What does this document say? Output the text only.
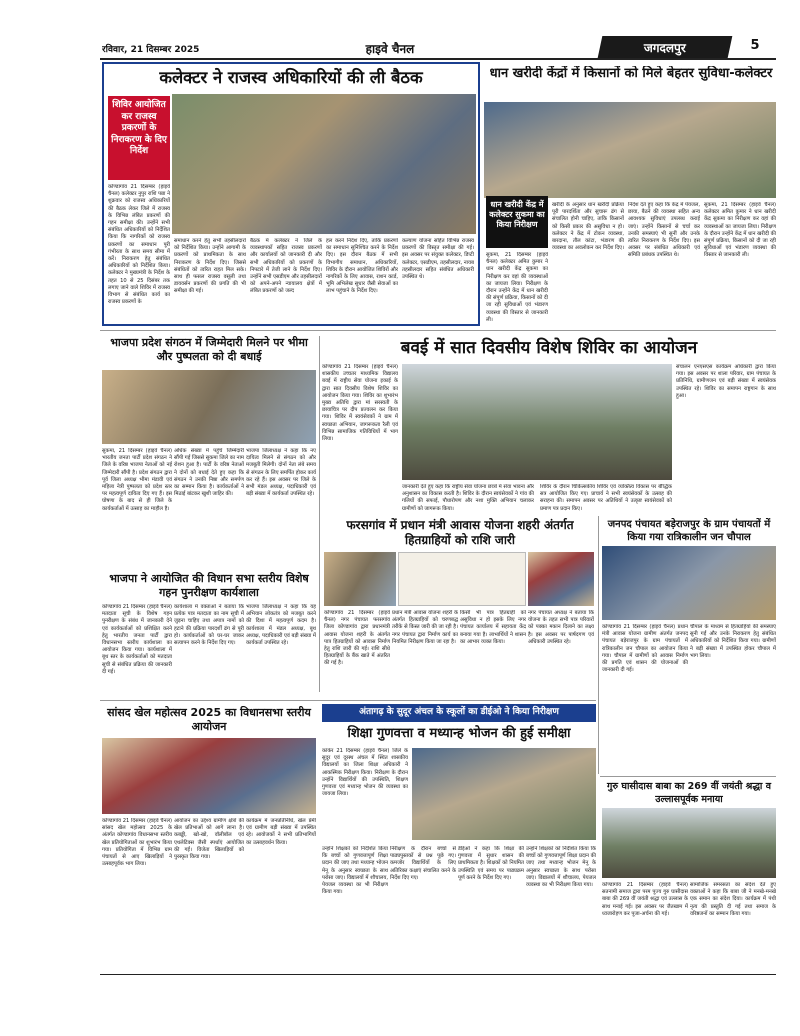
रविवार, 21 दिसम्बर 2025	हाइवे चैनल	जगदलपुर	5
कलेक्टर ने राजस्व अधिकारियों की ली बैठक
शिविर आयोजित कर राजस्व प्रकरणों के निराकरण के दिए निर्देश
कोण्डागांव 21 दिसम्बर (हाइवे चैनल) कलेक्टर नुपुर राशि पन्ना ने शुक्रवार को राजस्व अधिकारियों की बैठक लेकर जिले में राजस्व के विभिन्न लंबित प्रकरणों की गहन समीक्षा की। उन्होंने सभी संबंधित अधिकारियों को निर्देशित किया कि नागरिकों को राजस्व प्रकरणों का समाधान पूरी गंभीरता के साथ समय सीमा में करें। निराकरण हेतु संबंधित अधिकारियों को निर्देशित किया। कलेक्टर ने मुख्यमंत्री के निर्देश के तहत 10 से 25 दिसंबर तक लगाए जाने वाले शिविर में राजस्व विभाग से संबंधित कार्य का राजस्व प्रकरणों के
समाधान करने हेतु सभी तहसीलदारों को निर्देशित किया। उन्होंने आगामी के प्रकरणों को प्राथमिकता के साथ निराकरण के निर्देश दिए। जिससे संबंधितों को त्वरित राहत मिल सके। साथ ही फसल राजस्व वसूली तथा डायवर्सन प्रकरणों की प्रगति की भी समीक्षा की गई।
बैठक में कलेक्टर ने जिले के व्यवस्थापकों सहित राजस्व प्रकरणों और कार्यालयों को जानकारी दी और सभी अधिकारियों को प्रकरणों के निपटारे में तेजी लाने के निर्देश दिए। उन्होंने सभी एसडीएम और तहसीलदारों को अपने-अपने न्यायालय क्षेत्रों में लंबित प्रकरणों को जल्द
हल करने निर्देश दिए, ताकि प्रकरणों का समाधान सुनिश्चित करने के निर्देश दिए। इस दौरान बैठक में सभी विभागीय समाधान, अधिकारियों, शिविर के दौरान आयोजित शिविरों और नागरिकों के लिए आवास, राशन कार्ड, भूमि अभिलेख सुधार जैसी सेवाओं का लाभ पहुंचाने के निर्देश दिए।
कल्याण योजना सहित विभिन्न राजस्व प्रकरणों की विस्तृत समीक्षा की गई। इस अवसर पर संयुक्त कलेक्टर, डिप्टी कलेक्टर, एसडीएम, तहसीलदार, नायब तहसीलदार सहित संबंधित अधिकारी उपस्थित थे।
धान खरीदी केंद्रों में किसानों को मिले बेहतर सुविधा-कलेक्टर
धान खरीदी केंद्र में कलेक्टर सुकमा का किया निरीक्षण
सुकमा, 21 दिसम्बर (हाइवे चैनल) कलेक्टर अमित कुमार ने धान खरीदी केंद्र सुकमा का निरीक्षण कर वहां की व्यवस्थाओं का जायजा लिया। निरीक्षण के दौरान उन्होंने केंद्र में धान खरीदी की संपूर्ण प्रक्रिया, किसानों को दी जा रही सुविधाओं एवं भंडारण व्यवस्था की विस्तार से जानकारी ली।
खरीदी के अनुसार धान खरीदी प्रक्रिया पूरी पारदर्शिता और सुचारू ढंग से संचालित होनी चाहिए, ताकि किसानों को किसी प्रकार की असुविधा न हो। कलेक्टर ने केंद्र में टोकन व्यवस्था, बारदाना, तौल कांटा, भंडारण की व्यवस्था का अवलोकन कर निर्देश दिए।
निर्देश देते हुए कहा कि केंद्र में पेयजल, छाया, बैठने की व्यवस्था सहित अन्य आवश्यक सुविधाएं उपलब्ध कराई जाएं। उन्होंने किसानों से चर्चा कर उनकी समस्याएं भी सुनीं और उनके त्वरित निराकरण के निर्देश दिए। इस अवसर पर संबंधित अधिकारी एवं समिति प्रबंधक उपस्थित थे।
सुकमा, 21 दिसम्बर (हाइवे चैनल) कलेक्टर अमित कुमार ने धान खरीदी केंद्र सुकमा का निरीक्षण कर वहां की व्यवस्थाओं का जायजा लिया। निरीक्षण के दौरान उन्होंने केंद्र में धान खरीदी की संपूर्ण प्रक्रिया, किसानों को दी जा रही सुविधाओं एवं भंडारण व्यवस्था की विस्तार से जानकारी ली।
भाजपा प्रदेश संगठन में जिम्मेदारी मिलने पर भीमा और पुष्पलता को दी बधाई
सुकमा, 21 दिसम्बर (हाइवे चैनल) भारतीय जनता पार्टी प्रदेश संगठन ने जिले के वरिष्ठ भाजपा नेताओं को नई जिम्मेदारी सौंपी है। प्रदेश संगठन द्वारा पूर्व जिला अध्यक्ष भीमा मंडावी एवं महिला नेत्री पुष्पलता को प्रदेश स्तर पर महत्वपूर्ण दायित्व दिए गए हैं। इस घोषणा के बाद से ही जिले के कार्यकर्ताओं में उत्साह का माहौल है।
अधिक संख्या में पहुंचे जिम्मेदारी सौंपी गई जिससे सुकमा जिले का नाम रोशन हुआ है। पार्टी के वरिष्ठ नेताओं ने दोनों को बधाई देते हुए कहा कि संगठन ने उनकी निष्ठा और समर्पण का सम्मान किया है। कार्यकर्ताओं ने मिठाई बांटकर खुशी जाहिर की।
भाजपा जिलाध्यक्ष ने कहा कि नए दायित्व मिलने से संगठन को और मजबूती मिलेगी। दोनों नेता लंबे समय से संगठन के लिए समर्पित होकर कार्य कर रहे हैं। इस अवसर पर जिले के सभी मंडल अध्यक्ष, पदाधिकारी एवं बड़ी संख्या में कार्यकर्ता उपस्थित रहे।
बवई में सात दिवसीय विशेष शिविर का आयोजन
कोण्डागांव 21 दिसम्बर (हाइवे चैनल) शासकीय उच्चतर माध्यमिक विद्यालय बवई में राष्ट्रीय सेवा योजना इकाई के द्वारा सात दिवसीय विशेष शिविर का आयोजन किया गया। शिविर का शुभारंभ मुख्य अतिथि द्वारा मां सरस्वती के छायाचित्र पर दीप प्रज्वलन कर किया गया। शिविर में स्वयंसेवकों ने ग्राम में स्वच्छता अभियान, जागरूकता रैली एवं विभिन्न सामाजिक गतिविधियों में भाग लिया।
संचालन एनएसएस कार्यक्रम अधिकारी द्वारा किया गया। इस अवसर पर शाला परिवार, ग्राम पंचायत के प्रतिनिधि, ग्रामीणजन एवं बड़ी संख्या में स्वयंसेवक उपस्थित रहे। शिविर का समापन राष्ट्रगान के साथ हुआ।
जानकारी देते हुए कहा कि राष्ट्रीय सेवा योजना छात्रों में सेवा भावना और अनुशासन का विकास करती है। शिविर के दौरान स्वयंसेवकों ने गांव की गलियों की सफाई, पौधारोपण और नशा मुक्ति अभियान चलाकर ग्रामीणों को जागरूक किया।
शिविर के दौरान चिकित्सकीय शिविर एवं व्यक्तित्व विकास पर बौद्धिक सत्र आयोजित किए गए। प्राचार्य ने सभी स्वयंसेवकों के उत्साह की सराहना की। समापन अवसर पर अतिथियों ने उत्कृष्ट स्वयंसेवकों को प्रमाण पत्र प्रदान किए।
भाजपा ने आयोजित की विधान सभा स्तरीय विशेष गहन पुनरीक्षण कार्यशाला
कोण्डागांव 21 दिसम्बर (हाइवे चैनल) मतदाता सूची के विशेष गहन पुनरीक्षण के संबंध में जानकारी देने एवं कार्यकर्ताओं को प्रशिक्षित करने हेतु भारतीय जनता पार्टी द्वारा विधानसभा स्तरीय कार्यशाला का आयोजन किया गया। कार्यशाला में बूथ स्तर के कार्यकर्ताओं को मतदाता सूची से संबंधित प्रक्रिया की जानकारी दी गई।
कार्यशाला में वक्ताओं ने बताया कि प्रत्येक पात्र मतदाता का नाम सूची में जुड़ना चाहिए तथा अपात्र नामों को हटाने की प्रक्रिया पारदर्शी ढंग से पूरी हो। कार्यकर्ताओं को घर-घर जाकर सत्यापन करने के निर्देश दिए गए।
भाजपा जिलाध्यक्ष ने कहा कि यह अभियान लोकतंत्र को मजबूत करने की दिशा में महत्वपूर्ण कदम है। कार्यशाला में मंडल अध्यक्ष, बूथ अध्यक्ष, पदाधिकारी एवं बड़ी संख्या में कार्यकर्ता उपस्थित रहे।
फरसगांव में प्रधान मंत्री आवास योजना शहरी अंतर्गत हितग्राहियों को राशि जारी
कोण्डागांव 21 दिसम्बर (हाइवे चैनल) नगर पंचायत फरसगांव जिला कोण्डागांव द्वारा प्रधानमंत्री आवास योजना शहरी के अंतर्गत पात्र हितग्राहियों को आवास निर्माण हेतु राशि जारी की गई। राशि सीधे हितग्राहियों के बैंक खाते में अंतरित की गई है।
प्रधान मंत्री आवास योजना शहरी के अंतर्गत हितग्राहियों को चरणबद्ध तरीके से किस्त जारी की जा रही है। नगर पंचायत द्वारा निर्माण कार्य का नियमित निरीक्षण किया जा रहा है।
किसी भी पात्र हितग्राही को असुविधा न हो इसके लिए नगर पंचायत कार्यालय में सहायता केंद्र बनाया गया है। लाभार्थियों ने शासन का आभार व्यक्त किया।
नगर पंचायत अध्यक्ष ने बताया कि योजना के तहत सभी पात्र परिवारों को पक्का मकान दिलाने का लक्ष्य है। इस अवसर पर पार्षदगण एवं अधिकारी उपस्थित रहे।
जनपद पंचायत बड़ेराजपुर के ग्राम पंचायतों में किया गया रात्रिकालीन जन चौपाल
कोण्डागांव 21 दिसम्बर (हाइवे चैनल) प्रधान मंत्री आवास योजना ग्रामीण अंतर्गत जनपद पंचायत बड़ेराजपुर के ग्राम पंचायतों में रात्रिकालीन जन चौपाल का आयोजन किया गया। चौपाल में ग्रामीणों को आवास निर्माण की प्रगति एवं शासन की योजनाओं की जानकारी दी गई।
चौपाल के माध्यम से हितग्राहियों की समस्याएं सुनी गईं और उनके निराकरण हेतु संबंधित अधिकारियों को निर्देशित किया गया। ग्रामीणों ने बड़ी संख्या में उपस्थित होकर चौपाल में भाग लिया।
सांसद खेल महोत्सव 2025 का विधानसभा स्तरीय आयोजन
कोण्डागांव 21 दिसम्बर (हाइवे चैनल) सांसद खेल महोत्सव 2025 के अंतर्गत कोण्डागांव विधानसभा स्तरीय खेल प्रतियोगिताओं का शुभारंभ किया गया। प्रतियोगिता में विभिन्न ग्राम पंचायतों से आए खिलाड़ियों ने उत्साहपूर्वक भाग लिया।
आयोजन का उद्देश्य ग्रामीण क्षेत्रों की खेल प्रतिभाओं को आगे लाना है। कबड्डी, खो-खो, वॉलीबॉल एवं एथलेटिक्स जैसी स्पर्धाएं आयोजित की गईं। विजेता खिलाड़ियों को पुरस्कृत किया गया।
कार्यक्रम में जनप्रतिनिधि, खेल प्रेमी एवं ग्रामीण बड़ी संख्या में उपस्थित रहे। आयोजकों ने सभी प्रतिभागियों का उत्साहवर्धन किया।
अंतागढ़ के सुदूर अंचल के स्कूलों का डीईओ ने किया निरीक्षण
शिक्षा गुणवत्ता व मध्यान्ह भोजन की हुई समीक्षा
कांकेर 21 दिसम्बर (हाइवे चैनल) जिले के सुदूर एवं दूरस्थ अंचल में स्थित शासकीय विद्यालयों का जिला शिक्षा अधिकारी ने आकस्मिक निरीक्षण किया। निरीक्षण के दौरान उन्होंने विद्यार्थियों की उपस्थिति, शिक्षण गुणवत्ता एवं मध्यान्ह भोजन की व्यवस्था का जायजा लिया।
उन्होंने शिक्षकों को निर्देशित किया कि बच्चों को गुणवत्तापूर्ण शिक्षा प्रदान की जाए तथा मध्यान्ह भोजन मेनू के अनुसार स्वच्छता के साथ परोसा जाए। विद्यालयों में शौचालय, पेयजल व्यवस्था का भी निरीक्षण किया गया।
निरीक्षण के दौरान बच्चों से पाठ्यपुस्तकों से प्रश्न पूछे गए। कमजोर विद्यार्थियों के लिए अतिरिक्त कक्षाएं संचालित करने के निर्देश दिए गए।
डीईओ ने कहा कि शिक्षा की गुणवत्ता में सुधार शासन की प्राथमिकता है। शिक्षकों को नियमित उपस्थिति एवं समय पर पाठ्यक्रम पूर्ण करने के निर्देश दिए गए।
उन्होंने शिक्षकों को निर्देशित किया कि बच्चों को गुणवत्तापूर्ण शिक्षा प्रदान की जाए तथा मध्यान्ह भोजन मेनू के अनुसार स्वच्छता के साथ परोसा जाए। विद्यालयों में शौचालय, पेयजल व्यवस्था का भी निरीक्षण किया गया।
गुरु घासीदास बाबा का 269 वीं जयंती श्रद्धा व उल्लासपूर्वक मनाया
कोण्डागांव 21 दिसम्बर (हाइवे चैनल) सतनामी समाज द्वारा परम पूज्य गुरु घासीदास बाबा की 269 वीं जयंती श्रद्धा एवं उल्लास के साथ मनाई गई। इस अवसर पर जैतखाम में ध्वजारोहण कर पूजा-अर्चना की गई।
सामाजिक समरसता का संदेश देते हुए वक्ताओं ने कहा कि बाबा जी ने मनखे-मनखे एक समान का संदेश दिया। कार्यक्रम में पंथी नृत्य की प्रस्तुति दी गई तथा समाज के वरिष्ठजनों का सम्मान किया गया।
